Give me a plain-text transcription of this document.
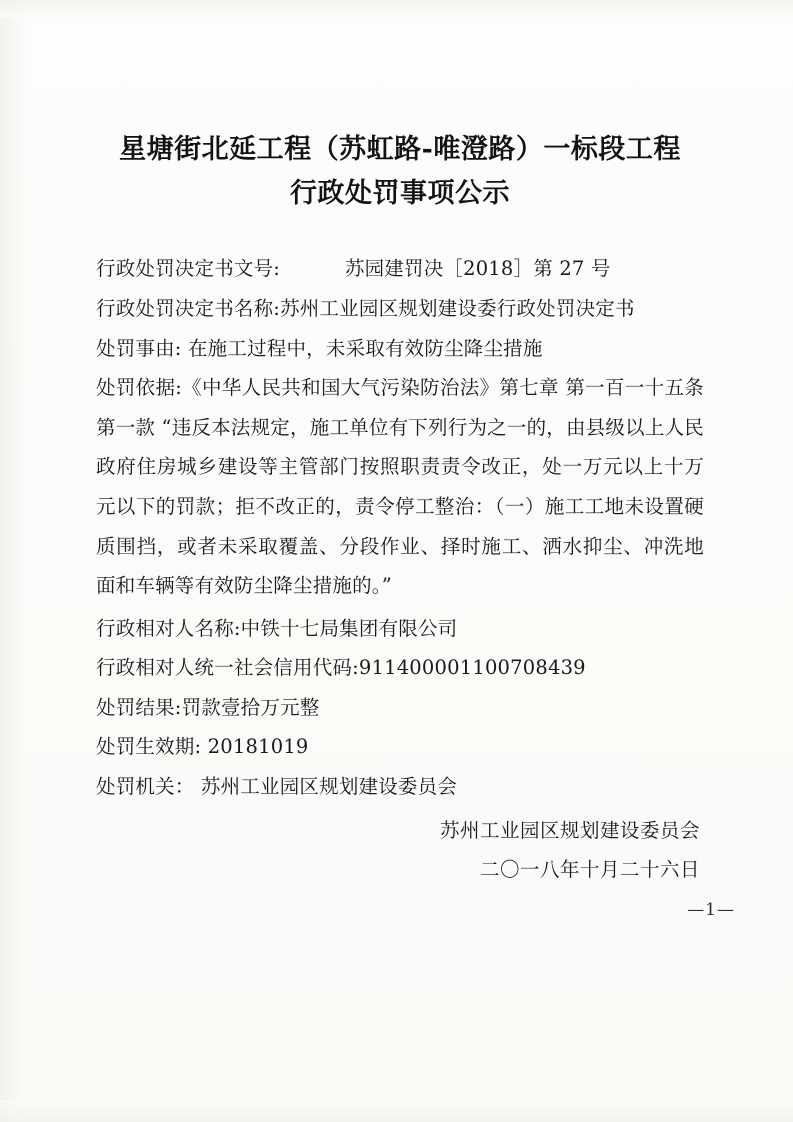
星塘街北延工程（苏虹路-唯澄路）一标段工程
行政处罚事项公示
行政处罚决定书文号:	苏园建罚决［2018］第 27 号
行政处罚决定书名称:苏州工业园区规划建设委行政处罚决定书
处罚事由: 在施工过程中，未采取有效防尘降尘措施
处罚依据:《中华人民共和国大气污染防治法》第七章 第一百一十五条 第一款 “违反本法规定，施工单位有下列行为之一的，由县级以上人民政府住房城乡建设等主管部门按照职责责令改正，处一万元以上十万元以下的罚款；拒不改正的，责令停工整治：（一）施工工地未设置硬质围挡，或者未采取覆盖、分段作业、择时施工、洒水抑尘、冲洗地面和车辆等有效防尘降尘措施的。”
行政相对人名称:中铁十七局集团有限公司
行政相对人统一社会信用代码:911400001100708439
处罚结果:罚款壹拾万元整
处罚生效期: 20181019
处罚机关： 苏州工业园区规划建设委员会
苏州工业园区规划建设委员会
二〇一八年十月二十六日
—1—
